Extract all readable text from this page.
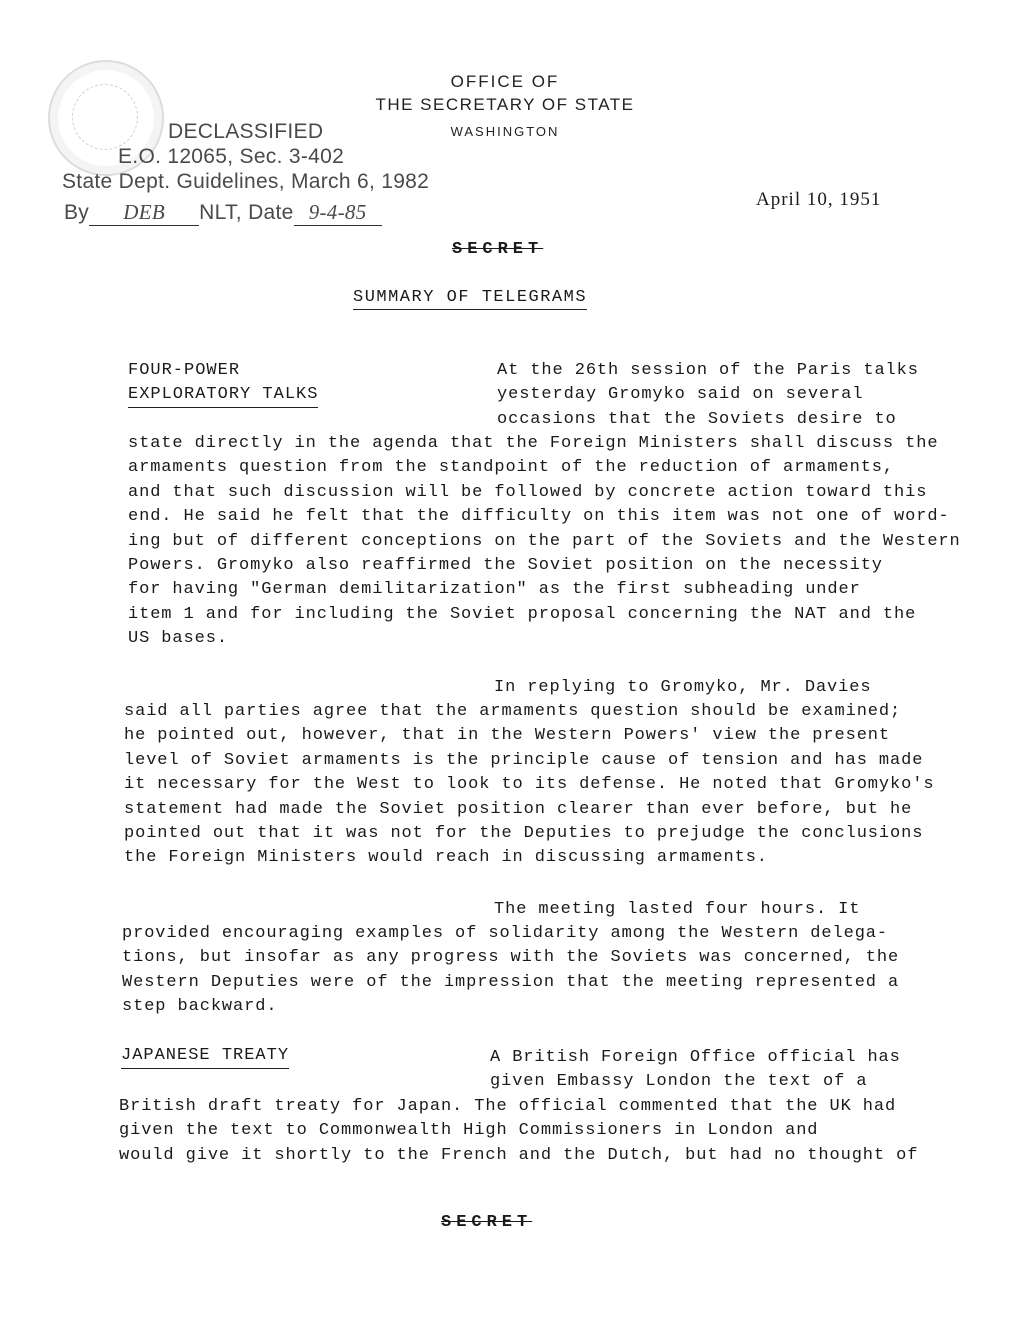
DECLASSIFIED
E.O. 12065, Sec. 3-402
State Dept. Guidelines, March 6, 1982
By DEB NLT, Date 9-4-85
OFFICE OF
THE SECRETARY OF STATE
WASHINGTON
April 10, 1951
SECRET
SUMMARY OF TELEGRAMS
FOUR-POWER
EXPLORATORY TALKS
At the 26th session of the Paris talks
yesterday Gromyko said on several
occasions that the Soviets desire to
state directly in the agenda that the Foreign Ministers shall discuss the
armaments question from the standpoint of the reduction of armaments,
and that such discussion will be followed by concrete action toward this
end. He said he felt that the difficulty on this item was not one of word-
ing but of different conceptions on the part of the Soviets and the Western
Powers. Gromyko also reaffirmed the Soviet position on the necessity
for having "German demilitarization" as the first subheading under
item 1 and for including the Soviet proposal concerning the NAT and the
US bases.
In replying to Gromyko, Mr. Davies
said all parties agree that the armaments question should be examined;
he pointed out, however, that in the Western Powers' view the present
level of Soviet armaments is the principle cause of tension and has made
it necessary for the West to look to its defense. He noted that Gromyko's
statement had made the Soviet position clearer than ever before, but he
pointed out that it was not for the Deputies to prejudge the conclusions
the Foreign Ministers would reach in discussing armaments.
The meeting lasted four hours. It
provided encouraging examples of solidarity among the Western delega-
tions, but insofar as any progress with the Soviets was concerned, the
Western Deputies were of the impression that the meeting represented a
step backward.
JAPANESE TREATY	A British Foreign Office official has
given Embassy London the text of a
British draft treaty for Japan. The official commented that the UK had
given the text to Commonwealth High Commissioners in London and
would give it shortly to the French and the Dutch, but had no thought of
SECRET
